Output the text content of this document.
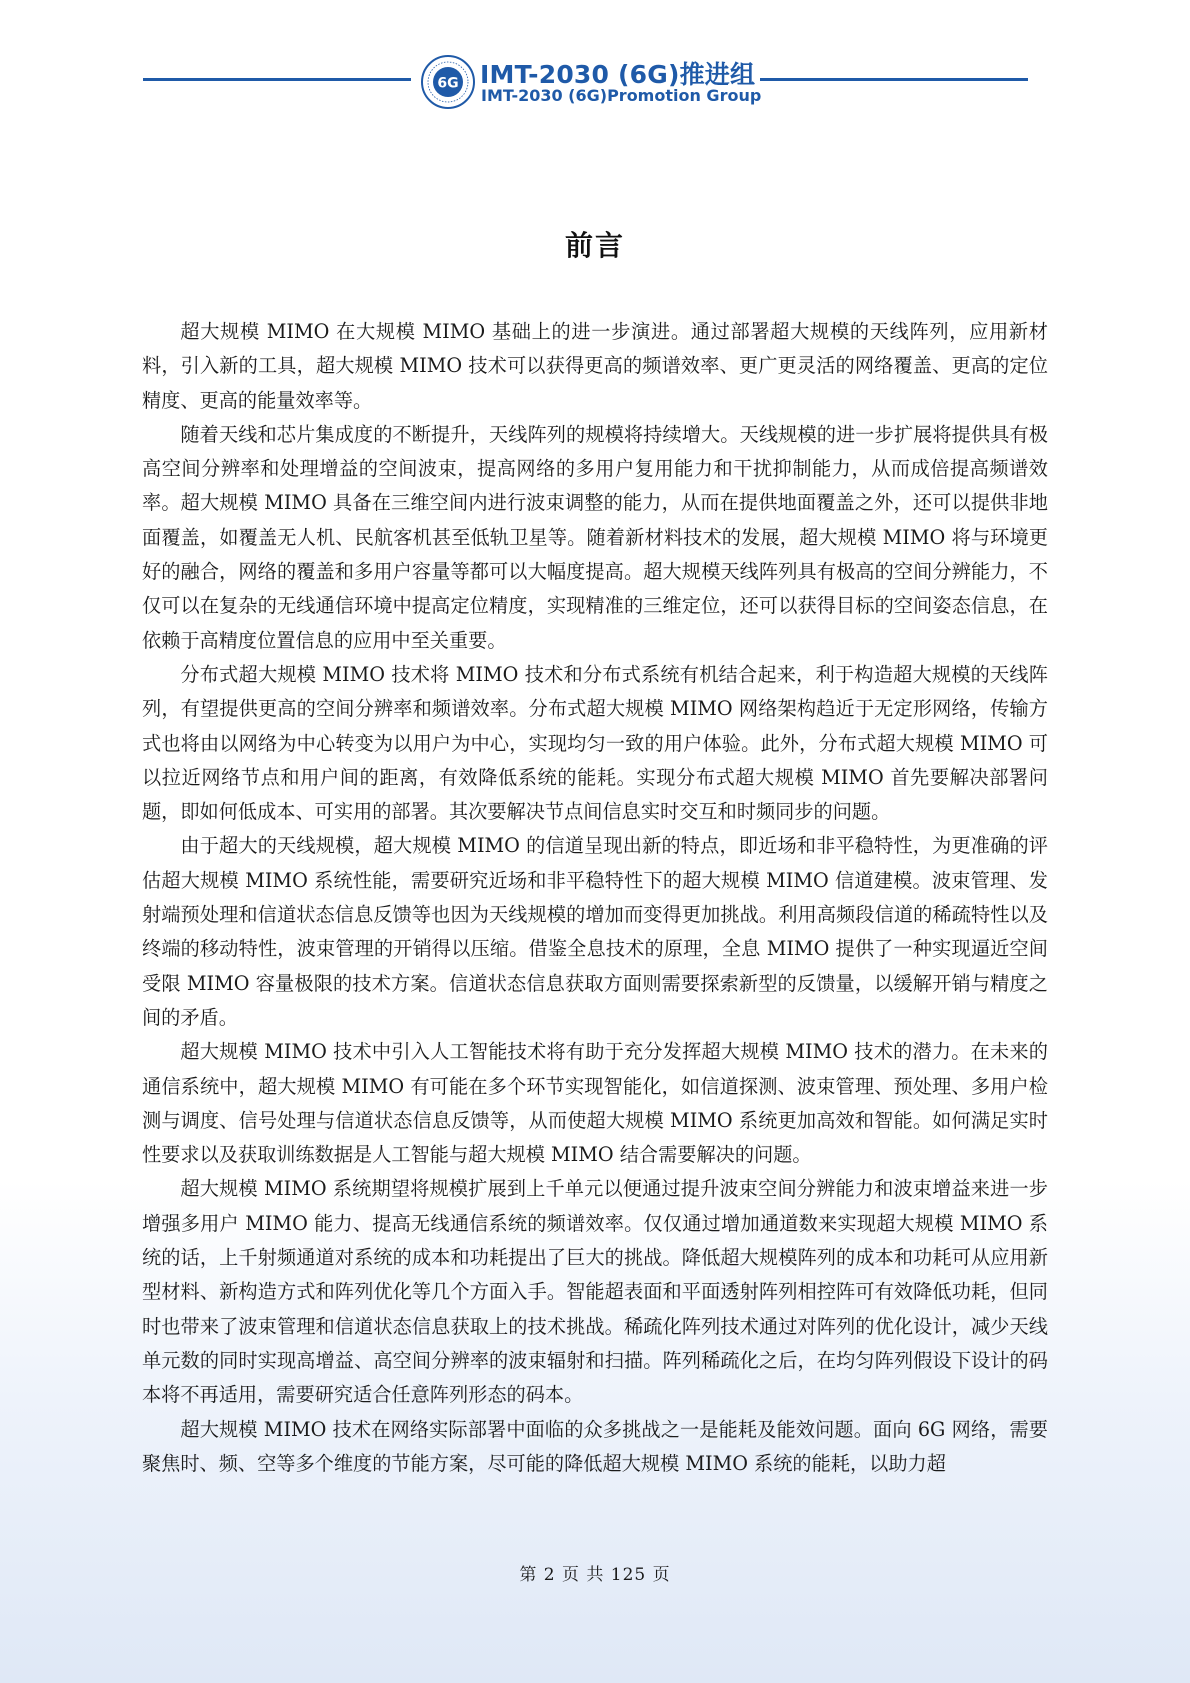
6G IMT-2030 (6G)推进组
IMT-2030 (6G)Promotion Group
前言

超大规模 MIMO 在大规模 MIMO 基础上的进一步演进。通过部署超大规模的天线阵列，应用新材料，引入新的工具，超大规模 MIMO 技术可以获得更高的频谱效率、更广更灵活的网络覆盖、更高的定位精度、更高的能量效率等。

随着天线和芯片集成度的不断提升，天线阵列的规模将持续增大。天线规模的进一步扩展将提供具有极高空间分辨率和处理增益的空间波束，提高网络的多用户复用能力和干扰抑制能力，从而成倍提高频谱效率。超大规模 MIMO 具备在三维空间内进行波束调整的能力，从而在提供地面覆盖之外，还可以提供非地面覆盖，如覆盖无人机、民航客机甚至低轨卫星等。随着新材料技术的发展，超大规模 MIMO 将与环境更好的融合，网络的覆盖和多用户容量等都可以大幅度提高。超大规模天线阵列具有极高的空间分辨能力，不仅可以在复杂的无线通信环境中提高定位精度，实现精准的三维定位，还可以获得目标的空间姿态信息，在依赖于高精度位置信息的应用中至关重要。

分布式超大规模 MIMO 技术将 MIMO 技术和分布式系统有机结合起来，利于构造超大规模的天线阵列，有望提供更高的空间分辨率和频谱效率。分布式超大规模 MIMO 网络架构趋近于无定形网络，传输方式也将由以网络为中心转变为以用户为中心，实现均匀一致的用户体验。此外，分布式超大规模 MIMO 可以拉近网络节点和用户间的距离，有效降低系统的能耗。实现分布式超大规模 MIMO 首先要解决部署问题，即如何低成本、可实用的部署。其次要解决节点间信息实时交互和时频同步的问题。

由于超大的天线规模，超大规模 MIMO 的信道呈现出新的特点，即近场和非平稳特性，为更准确的评估超大规模 MIMO 系统性能，需要研究近场和非平稳特性下的超大规模 MIMO 信道建模。波束管理、发射端预处理和信道状态信息反馈等也因为天线规模的增加而变得更加挑战。利用高频段信道的稀疏特性以及终端的移动特性，波束管理的开销得以压缩。借鉴全息技术的原理，全息 MIMO 提供了一种实现逼近空间受限 MIMO 容量极限的技术方案。信道状态信息获取方面则需要探索新型的反馈量，以缓解开销与精度之间的矛盾。

超大规模 MIMO 技术中引入人工智能技术将有助于充分发挥超大规模 MIMO 技术的潜力。在未来的通信系统中，超大规模 MIMO 有可能在多个环节实现智能化，如信道探测、波束管理、预处理、多用户检测与调度、信号处理与信道状态信息反馈等，从而使超大规模 MIMO 系统更加高效和智能。如何满足实时性要求以及获取训练数据是人工智能与超大规模 MIMO 结合需要解决的问题。

超大规模 MIMO 系统期望将规模扩展到上千单元以便通过提升波束空间分辨能力和波束增益来进一步增强多用户 MIMO 能力、提高无线通信系统的频谱效率。仅仅通过增加通道数来实现超大规模 MIMO 系统的话，上千射频通道对系统的成本和功耗提出了巨大的挑战。降低超大规模阵列的成本和功耗可从应用新型材料、新构造方式和阵列优化等几个方面入手。智能超表面和平面透射阵列相控阵可有效降低功耗，但同时也带来了波束管理和信道状态信息获取上的技术挑战。稀疏化阵列技术通过对阵列的优化设计，减少天线单元数的同时实现高增益、高空间分辨率的波束辐射和扫描。阵列稀疏化之后，在均匀阵列假设下设计的码本将不再适用，需要研究适合任意阵列形态的码本。

超大规模 MIMO 技术在网络实际部署中面临的众多挑战之一是能耗及能效问题。面向 6G 网络，需要聚焦时、频、空等多个维度的节能方案，尽可能的降低超大规模 MIMO 系统的能耗，以助力超

第 2 页 共 125 页
